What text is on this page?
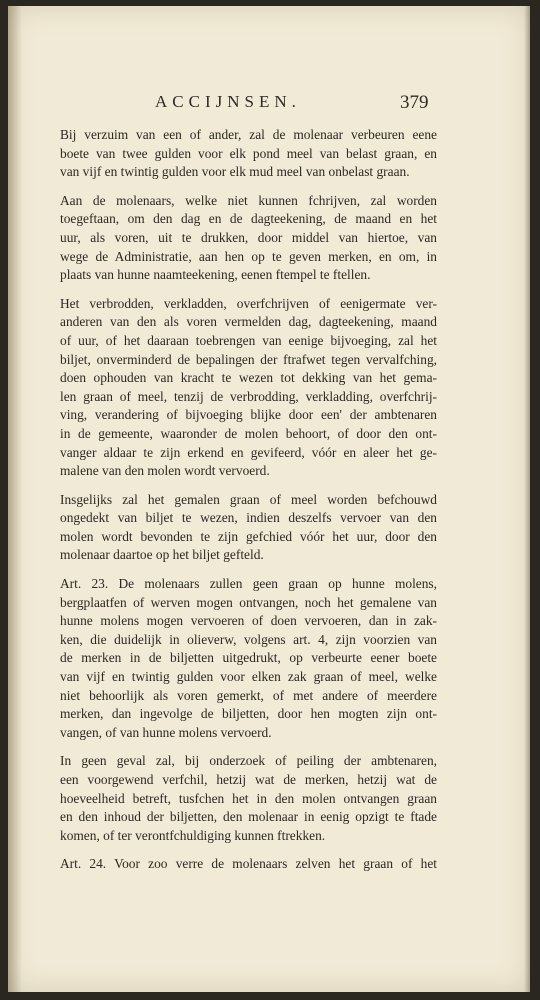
ACCIJNSEN.	379

Bij verzuim van een of ander, zal de molenaar verbeuren eene
boete van twee gulden voor elk pond meel van belast graan, en
van vijf en twintig gulden voor elk mud meel van onbelast graan.

Aan de molenaars, welke niet kunnen fchrijven, zal worden
toegeftaan, om den dag en de dagteekening, de maand en het
uur, als voren, uit te drukken, door middel van hiertoe, van
wege de Administratie, aan hen op te geven merken, en om, in
plaats van hunne naamteekening, eenen ftempel te ftellen.

Het verbrodden, verkladden, overfchrijven of eenigermate ver-
anderen van den als voren vermelden dag, dagteekening, maand
of uur, of het daaraan toebrengen van eenige bijvoeging, zal het
biljet, onverminderd de bepalingen der ftrafwet tegen vervalfching,
doen ophouden van kracht te wezen tot dekking van het gema-
len graan of meel, tenzij de verbrodding, verkladding, overfchrij-
ving, verandering of bijvoeging blijke door een' der ambtenaren
in de gemeente, waaronder de molen behoort, of door den ont-
vanger aldaar te zijn erkend en gevifeerd, vóór en aleer het ge-
malene van den molen wordt vervoerd.

Insgelijks zal het gemalen graan of meel worden befchouwd
ongedekt van biljet te wezen, indien deszelfs vervoer van den
molen wordt bevonden te zijn gefchied vóór het uur, door den
molenaar daartoe op het biljet gefteld.

Art. 23. De molenaars zullen geen graan op hunne molens,
bergplaatfen of werven mogen ontvangen, noch het gemalene van
hunne molens mogen vervoeren of doen vervoeren, dan in zak-
ken, die duidelijk in olieverw, volgens art. 4, zijn voorzien van
de merken in de biljetten uitgedrukt, op verbeurte eener boete
van vijf en twintig gulden voor elken zak graan of meel, welke
niet behoorlijk als voren gemerkt, of met andere of meerdere
merken, dan ingevolge de biljetten, door hen mogten zijn ont-
vangen, of van hunne molens vervoerd.

In geen geval zal, bij onderzoek of peiling der ambtenaren,
een voorgewend verfchil, hetzij wat de merken, hetzij wat de
hoeveelheid betreft, tusfchen het in den molen ontvangen graan
en den inhoud der biljetten, den molenaar in eenig opzigt te ftade
komen, of ter verontfchuldiging kunnen ftrekken.

Art. 24. Voor zoo verre de molenaars zelven het graan of het
